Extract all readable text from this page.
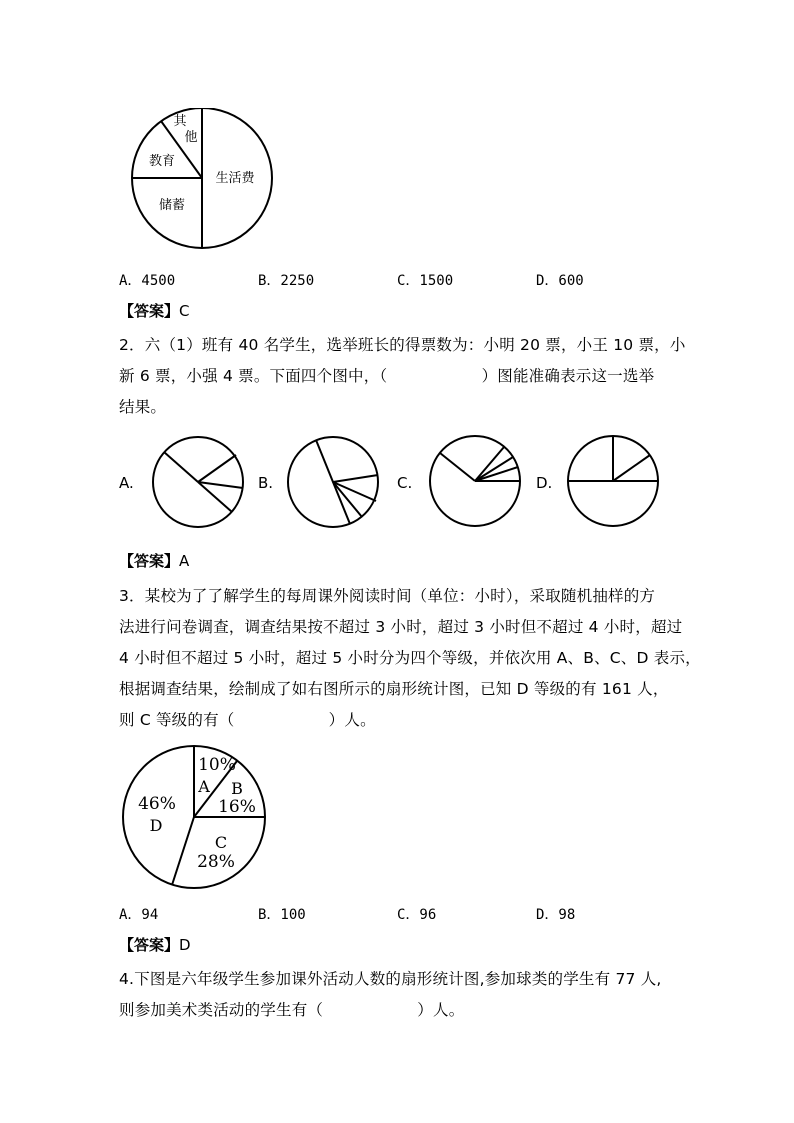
其
他
教育
生活费
储蓄
A．4500	B．2250	C．1500	D．600
【答案】C
2．六（1）班有 40 名学生，选举班长的得票数为：小明 20 票，小王 10 票，小
新 6 票，小强 4 票。下面四个图中，（　　　　　　）图能准确表示这一选举
结果。
A.	B.	C.	D.
【答案】A
3．某校为了了解学生的每周课外阅读时间（单位：小时），采取随机抽样的方
法进行问卷调查，调查结果按不超过 3 小时，超过 3 小时但不超过 4 小时，超过
4 小时但不超过 5 小时，超过 5 小时分为四个等级，并依次用 A、B、C、D 表示，
根据调查结果，绘制成了如右图所示的扇形统计图，已知 D 等级的有 161 人，
则 C 等级的有（　　　　　　）人。
10%
A B
16%
46%
D
C
28%
A．94	B．100	C．96	D．98
【答案】D
4.下图是六年级学生参加课外活动人数的扇形统计图,参加球类的学生有 77 人,
则参加美术类活动的学生有（　　　　　　）人。
